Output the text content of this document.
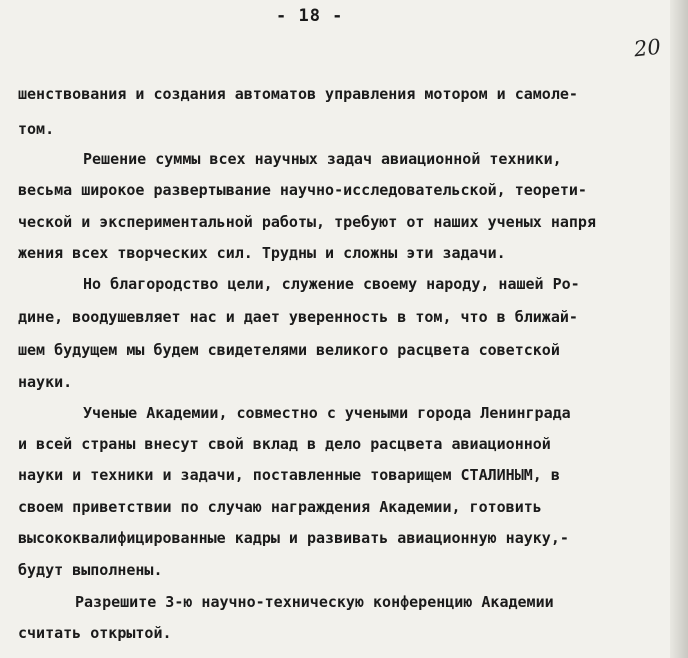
- 18 -
20
шенствования и создания автоматов управления мотором и самоле-
том.
Решение суммы всех научных задач авиационной техники,
весьма широкое развертывание научно-исследовательской, теорети-
ческой и экспериментальной работы, требуют от наших ученых напря
жения всех творческих сил. Трудны и сложны эти задачи.
Но благородство цели, служение своему народу, нашей Ро-
дине, воодушевляет нас и дает уверенность в том, что в ближай-
шем будущем мы будем свидетелями великого расцвета советской
науки.
Ученые Академии, совместно с учеными города Ленинграда
и всей страны внесут свой вклад в дело расцвета авиационной
науки и техники и задачи, поставленные товарищем СТАЛИНЫМ, в
своем приветствии по случаю награждения Академии, готовить
высококвалифицированные кадры и развивать авиационную науку,-
будут выполнены.
Разрешите 3-ю научно-техническую конференцию Академии
считать открытой.
